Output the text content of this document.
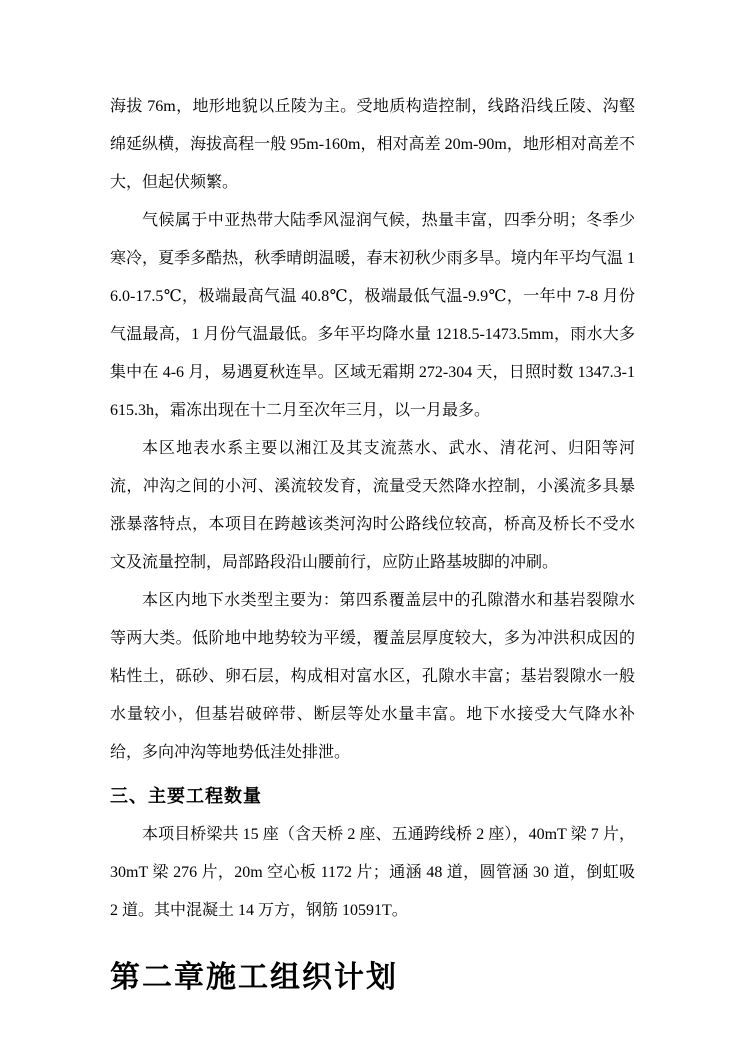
海拔 76m，地形地貌以丘陵为主。受地质构造控制，线路沿线丘陵、沟壑绵延纵横，海拔高程一般 95m-160m，相对高差 20m-90m，地形相对高差不大，但起伏频繁。

气候属于中亚热带大陆季风湿润气候，热量丰富，四季分明；冬季少寒冷，夏季多酷热，秋季晴朗温暖，春末初秋少雨多旱。境内年平均气温 16.0-17.5℃，极端最高气温 40.8℃，极端最低气温-9.9℃，一年中 7-8 月份气温最高，1 月份气温最低。多年平均降水量 1218.5-1473.5mm，雨水大多集中在 4-6 月，易遇夏秋连旱。区域无霜期 272-304 天，日照时数 1347.3-1615.3h，霜冻出现在十二月至次年三月，以一月最多。

本区地表水系主要以湘江及其支流蒸水、武水、清花河、归阳等河流，冲沟之间的小河、溪流较发育，流量受天然降水控制，小溪流多具暴涨暴落特点，本项目在跨越该类河沟时公路线位较高，桥高及桥长不受水文及流量控制，局部路段沿山腰前行，应防止路基坡脚的冲刷。

本区内地下水类型主要为：第四系覆盖层中的孔隙潜水和基岩裂隙水等两大类。低阶地中地势较为平缓，覆盖层厚度较大，多为冲洪积成因的粘性土，砾砂、卵石层，构成相对富水区，孔隙水丰富；基岩裂隙水一般水量较小，但基岩破碎带、断层等处水量丰富。地下水接受大气降水补给，多向冲沟等地势低洼处排泄。

三、主要工程数量

本项目桥梁共 15 座（含天桥 2 座、五通跨线桥 2 座），40mT 梁 7 片，30mT 梁 276 片，20m 空心板 1172 片；通涵 48 道，圆管涵 30 道，倒虹吸 2 道。其中混凝土 14 万方，钢筋 10591T。

第二章施工组织计划
